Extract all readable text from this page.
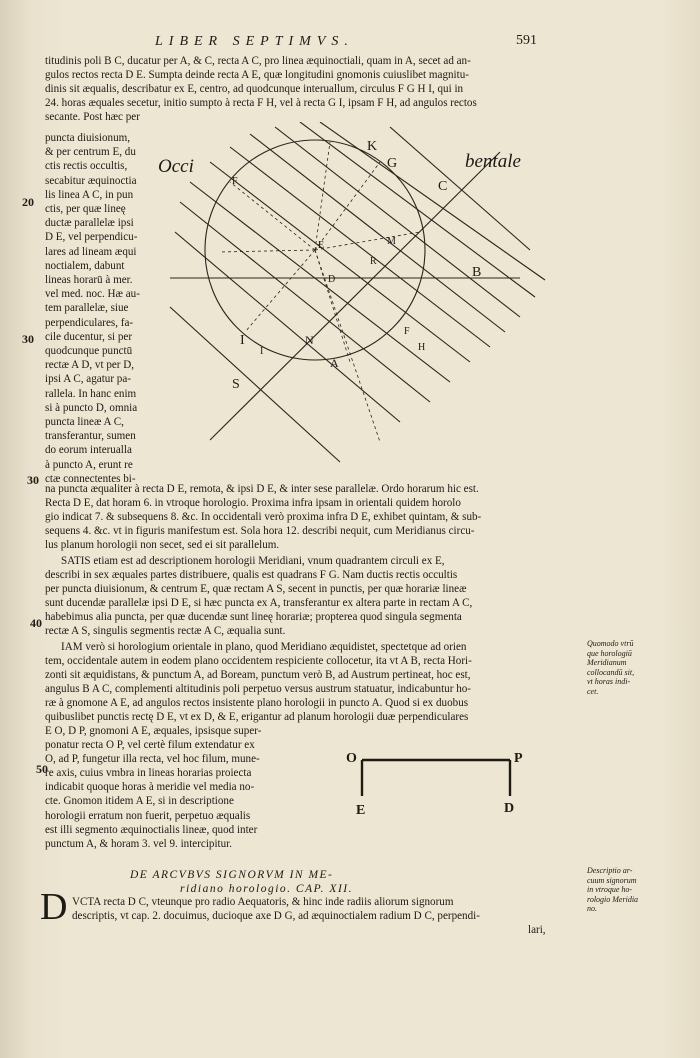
LIBER SEPTIMVS.	591
20
30
30
40
50
titudinis poli B C, ducatur per A, & C, recta A C, pro linea æquinoctiali, quam in A, secet ad an-
gulos rectos recta D E. Sumpta deinde recta A E, quæ longitudini gnomonis cuiuslibet magnitu-
dinis sit æqualis, describatur ex E, centro, ad quodcunque interuallum, circulus F G H I, qui in
24. horas æquales secetur, initio sumpto à recta F H, vel à recta G I, ipsam F H, ad angulos rectos
secante. Post hæc per
puncta diuisionum,
& per centrum E, du
ctis rectis occultis,
secabitur æquinoctia
lis linea A C, in pun
ctis, per quæ lineę
ductæ parallelæ ipsi
D E, vel perpendicu-
lares ad lineam æqui
noctialem, dabunt
lineas horarū à mer.
vel med. noc. Hæ au-
tem parallelæ, siue
perpendiculares, fa-
cile ducentur, si per
quodcunque punctū
rectæ A D, vt per D,
ipsi A C, agatur pa-
rallela. In hanc enim
si à puncto D, omnia
puncta lineæ A C,
transferantur, sumen
do eorum interualla
à puncto A, erunt re
ctæ connectentes bi-
Occi	bentale
K
G
C
B
F
E	M
R
D
I	N
A
S
F
H
I
na puncta æqualiter à recta D E, remota, & ipsi D E, & inter sese parallelæ. Ordo horarum hic est.
Recta D E, dat horam 6. in vtroque horologio. Proxima infra ipsam in orientali quidem horolo
gio indicat 7. & subsequens 8. &c. In occidentali verò proxima infra D E, exhibet quintam, & sub-
sequens 4. &c. vt in figuris manifestum est. Sola hora 12. describi nequit, cum Meridianus circu-
lus planum horologii non secet, sed ei sit parallelum.
SATIS etiam est ad descriptionem horologii Meridiani, vnum quadrantem circuli ex E,
describi in sex æquales partes distribuere, qualis est quadrans F G. Nam ductis rectis occultis
per puncta diuisionum, & centrum E, quæ rectam A S, secent in punctis, per quæ horariæ lineæ
sunt ducendæ parallelæ ipsi D E, si hæc puncta ex A, transferantur ex altera parte in rectam A C,
habebimus alia puncta, per quæ ducendæ sunt lineę horariæ; propterea quod singula segmenta
rectæ A S, singulis segmentis rectæ A C, æqualia sunt.
IAM verò si horologium orientale in plano, quod Meridiano æquidistet, spectetque ad orien
tem, occidentale autem in eodem plano occidentem respiciente collocetur, ita vt A B, recta Hori-
zonti sit æquidistans, & punctum A, ad Boream, punctum verò B, ad Austrum pertineat, hoc est,
angulus B A C, complementi altitudinis poli perpetuo versus austrum statuatur, indicabuntur ho-
ræ à gnomone A E, ad angulos rectos insistente plano horologii in puncto A. Quod si ex duobus
quibuslibet punctis rectę D E, vt ex D, & E, erigantur ad planum horologii duæ perpendiculares
E O, D P, gnomoni A E, æquales, ipsisque super-
ponatur recta O P, vel certè filum extendatur ex
O, ad P, fungetur illa recta, vel hoc filum, mune-
re axis, cuius vmbra in lineas horarias proiecta
indicabit quoque horas à meridie vel media no-
cte. Gnomon itidem A E, si in descriptione
horologii erratum non fuerit, perpetuo æqualis
est illi segmento æquinoctialis lineæ, quod inter
punctum A, & horam 3. vel 9. intercipitur.
O	P
E	D
DE ARCVBVS SIGNORVM IN ME-
ridiano horologio. CAP. XII.
D VCTA recta D C, vteunque pro radio Aequatoris, & hinc inde radiis aliorum signorum
descriptis, vt cap. 2. docuimus, ducioque axe D G, ad æquinoctialem radium D C, perpendi-
lari,
Quomodo vtrū
que horologiū
Meridianum
collocandū sit,
vt horas indi-
cet.
Descriptio ar-
cuum signorum
in vtroque ho-
rologio Meridia
no.
